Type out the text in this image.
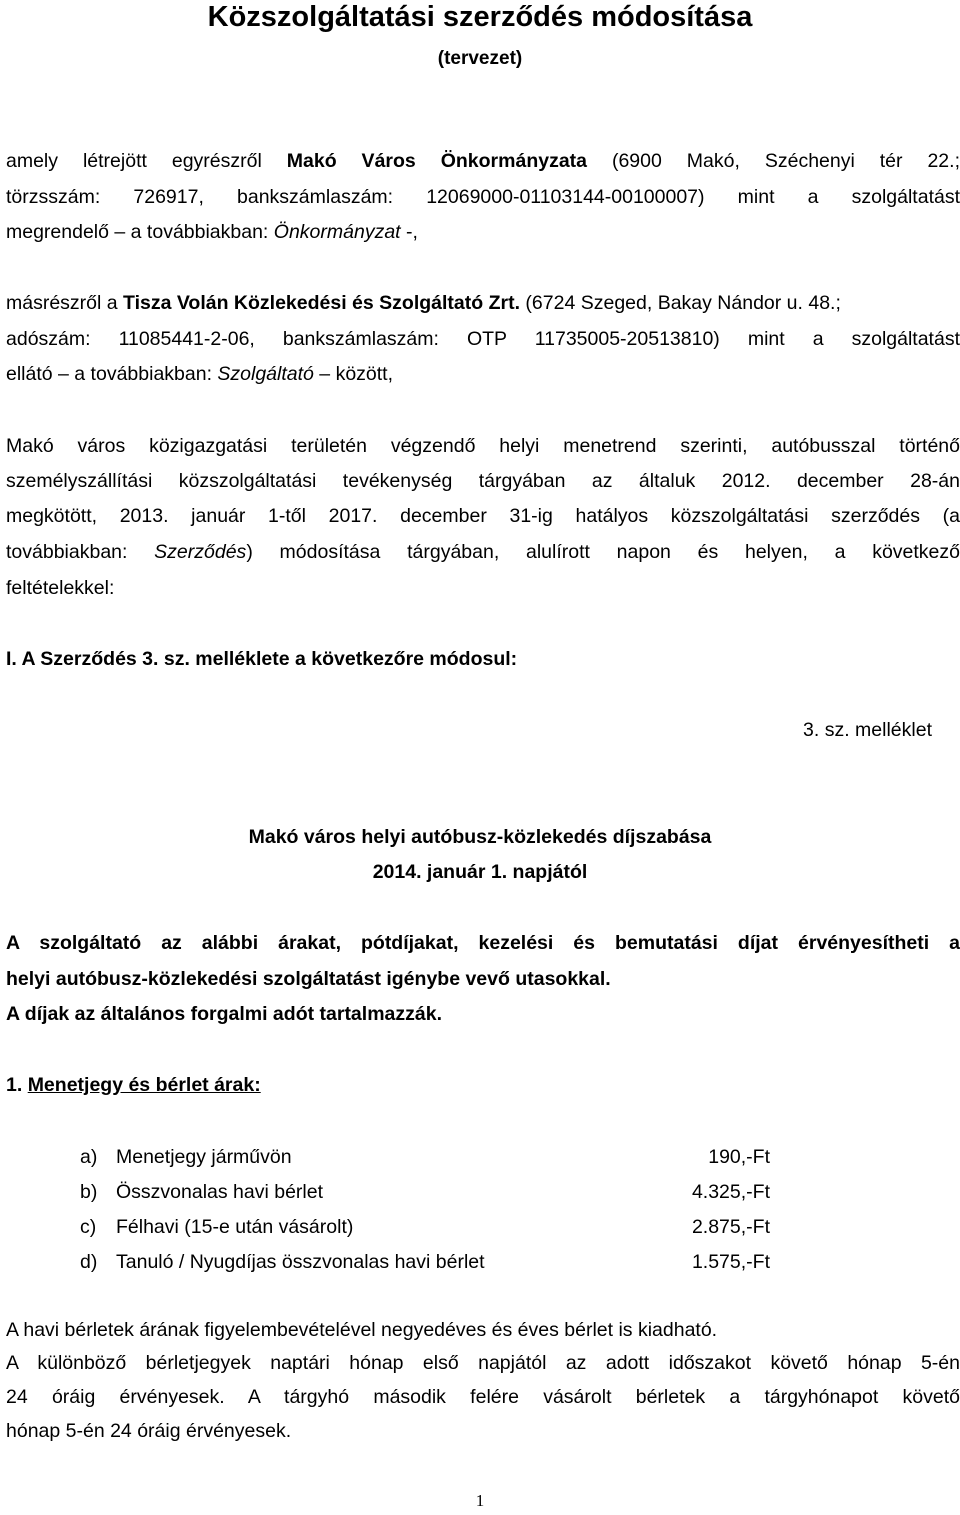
Közszolgáltatási szerződés módosítása

(tervezet)

amely létrejött egyrészről Makó Város Önkormányzata (6900 Makó, Széchenyi tér 22.;

törzsszám: 726917, bankszámlaszám: 12069000-01103144-00100007) mint a szolgáltatást

megrendelő – a továbbiakban: Önkormányzat -,

másrészről a Tisza Volán Közlekedési és Szolgáltató Zrt. (6724 Szeged, Bakay Nándor u. 48.;

adószám: 11085441-2-06, bankszámlaszám: OTP 11735005-20513810) mint a szolgáltatást

ellátó – a továbbiakban: Szolgáltató – között,

Makó város közigazgatási területén végzendő helyi menetrend szerinti, autóbusszal történő

személyszállítási közszolgáltatási tevékenység tárgyában az általuk 2012. december 28-án

megkötött, 2013. január 1-től 2017. december 31-ig hatályos közszolgáltatási szerződés (a

továbbiakban: Szerződés) módosítása tárgyában, alulírott napon és helyen, a következő

feltételekkel:

I. A Szerződés 3. sz. melléklete a következőre módosul:

3. sz. melléklet

Makó város helyi autóbusz-közlekedés díjszabása

2014. január 1. napjától

A szolgáltató az alábbi árakat, pótdíjakat, kezelési és bemutatási díjat érvényesítheti a

helyi autóbusz-közlekedési szolgáltatást igénybe vevő utasokkal.

A díjak az általános forgalmi adót tartalmazzák.

1. Menetjegy és bérlet árak:

a) Menetjegy járművön	190,-Ft
b) Összvonalas havi bérlet	4.325,-Ft
c) Félhavi (15-e után vásárolt)	2.875,-Ft
d) Tanuló / Nyugdíjas összvonalas havi bérlet	1.575,-Ft

A havi bérletek árának figyelembevételével negyedéves és éves bérlet is kiadható.

A különböző bérletjegyek naptári hónap első napjától az adott időszakot követő hónap 5-én

24 óráig érvényesek. A tárgyhó második felére vásárolt bérletek a tárgyhónapot követő

hónap 5-én 24 óráig érvényesek.

1
